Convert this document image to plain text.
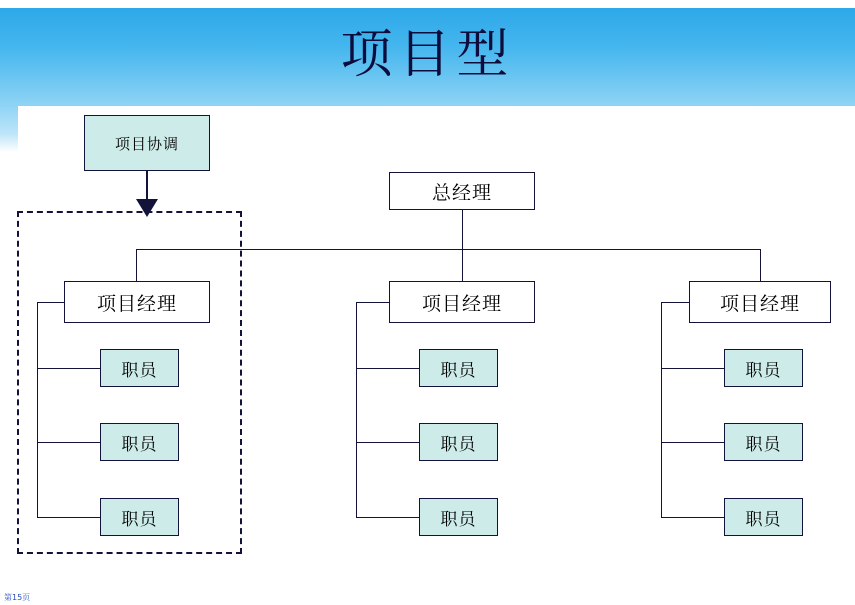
项目型
项目协调
总经理
项目经理
职员
职员
职员
项目经理
职员
职员
职员
项目经理
职员
职员
职员
第15页
